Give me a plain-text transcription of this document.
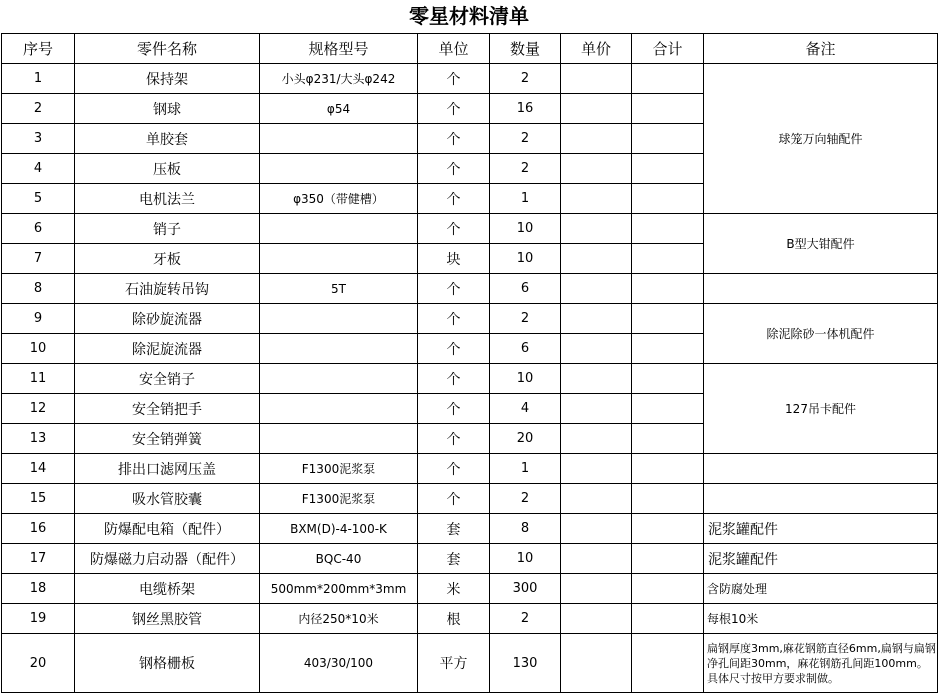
零星材料清单
序号	零件名称	规格型号	单位	数量	单价	合计	备注
1	保持架	小头φ231/大头φ242	个	2			球笼万向轴配件
2	钢球	φ54	个	16			
3	单胶套		个	2			
4	压板		个	2			
5	电机法兰	φ350（带健槽）	个	1			
6	销子		个	10			B型大钳配件
7	牙板		块	10			
8	石油旋转吊钩	5T	个	6			
9	除砂旋流器		个	2			除泥除砂一体机配件
10	除泥旋流器		个	6			
11	安全销子		个	10			127吊卡配件
12	安全销把手		个	4			
13	安全销弹簧		个	20			
14	排出口滤网压盖	F1300泥浆泵	个	1			
15	吸水管胶囊	F1300泥浆泵	个	2			
16	防爆配电箱（配件）	BXM(D)-4-100-K	套	8			泥浆罐配件
17	防爆磁力启动器（配件）	BQC-40	套	10			泥浆罐配件
18	电缆桥架	500mm*200mm*3mm	米	300			含防腐处理
19	钢丝黑胶管	内径250*10米	根	2			每根10米
20	钢格栅板	403/30/100	平方	130			扁钢厚度3mm,麻花钢筋直径6mm,扁钢与扁钢净孔间距30mm，麻花钢筋孔间距100mm。具体尺寸按甲方要求制做。
